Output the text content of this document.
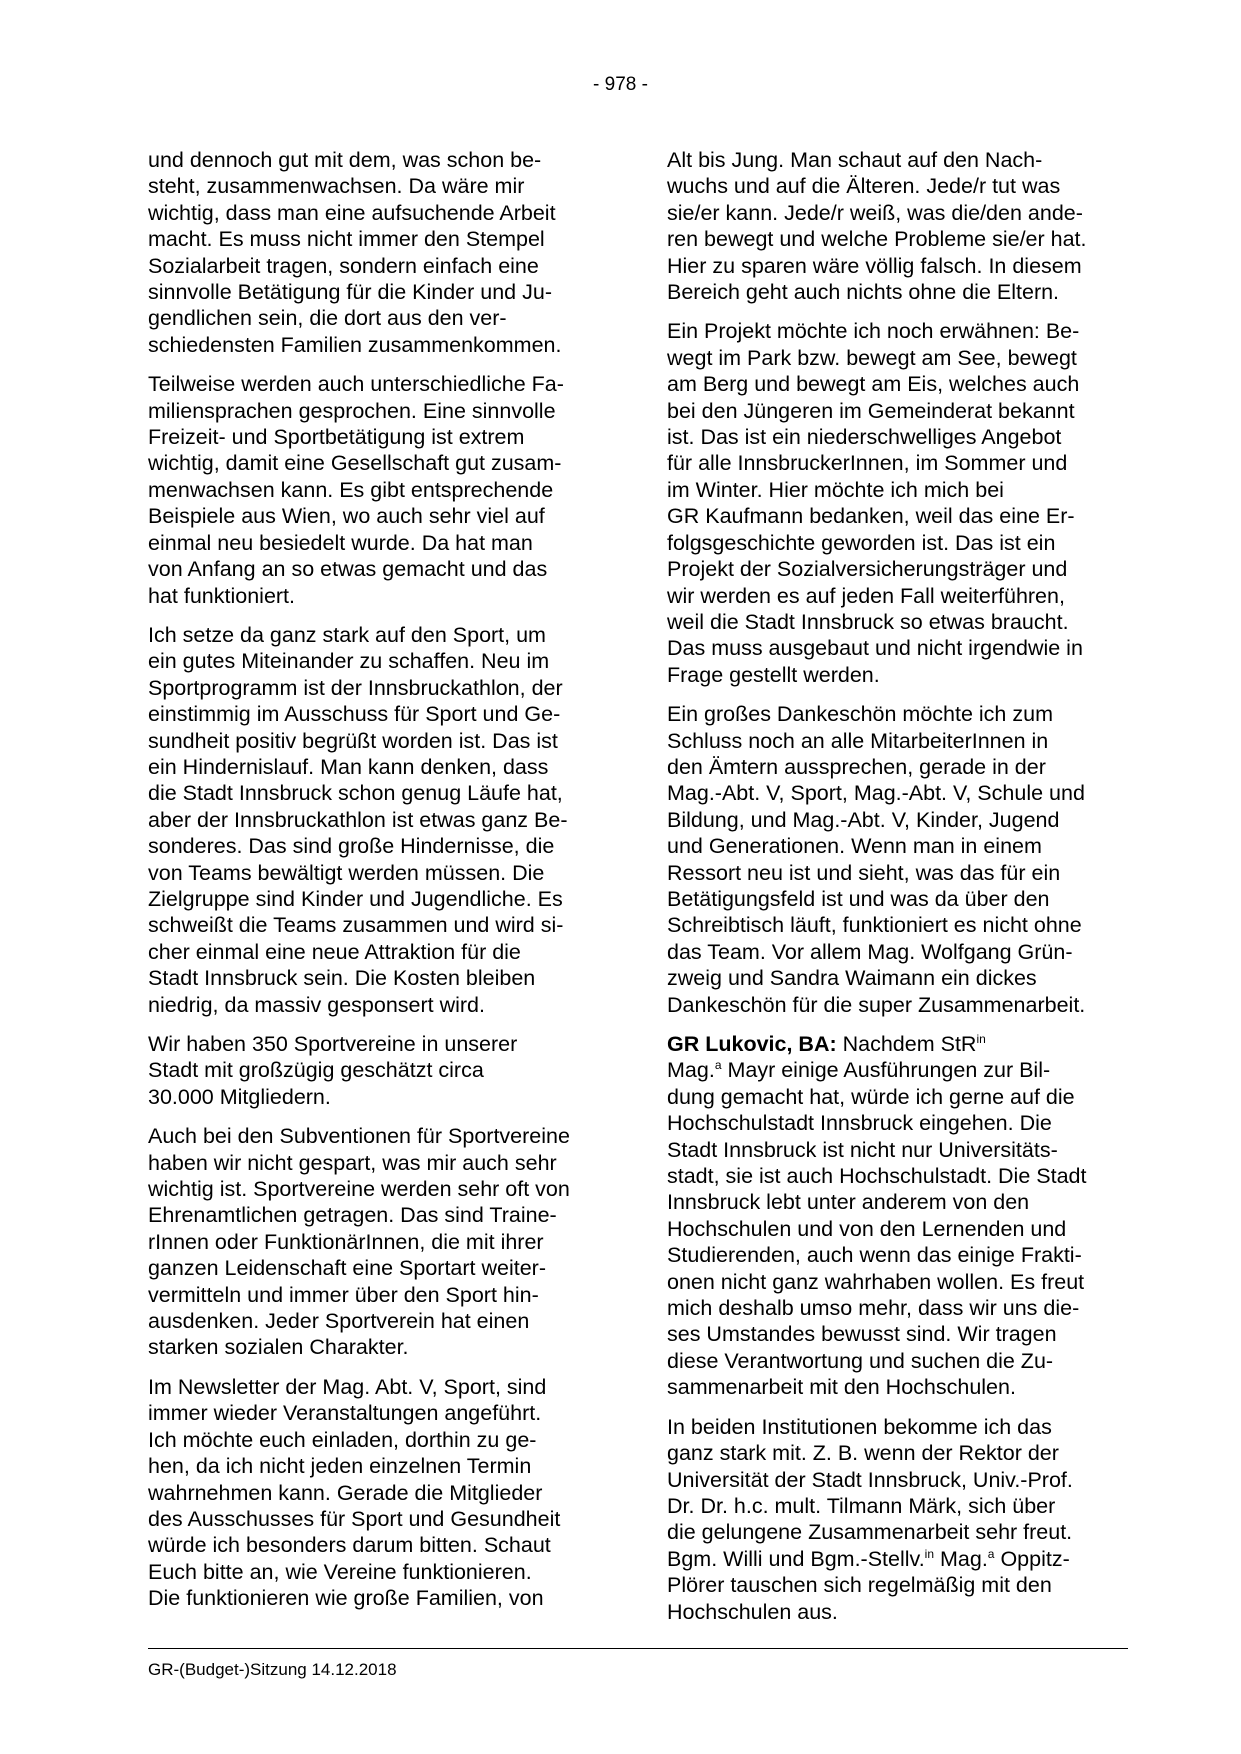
- 978 -
und dennoch gut mit dem, was schon be-
steht, zusammenwachsen. Da wäre mir
wichtig, dass man eine aufsuchende Arbeit
macht. Es muss nicht immer den Stempel
Sozialarbeit tragen, sondern einfach eine
sinnvolle Betätigung für die Kinder und Ju-
gendlichen sein, die dort aus den ver-
schiedensten Familien zusammenkommen.
Teilweise werden auch unterschiedliche Fa-
miliensprachen gesprochen. Eine sinnvolle
Freizeit- und Sportbetätigung ist extrem
wichtig, damit eine Gesellschaft gut zusam-
menwachsen kann. Es gibt entsprechende
Beispiele aus Wien, wo auch sehr viel auf
einmal neu besiedelt wurde. Da hat man
von Anfang an so etwas gemacht und das
hat funktioniert.
Ich setze da ganz stark auf den Sport, um
ein gutes Miteinander zu schaffen. Neu im
Sportprogramm ist der Innsbruckathlon, der
einstimmig im Ausschuss für Sport und Ge-
sundheit positiv begrüßt worden ist. Das ist
ein Hindernislauf. Man kann denken, dass
die Stadt Innsbruck schon genug Läufe hat,
aber der Innsbruckathlon ist etwas ganz Be-
sonderes. Das sind große Hindernisse, die
von Teams bewältigt werden müssen. Die
Zielgruppe sind Kinder und Jugendliche. Es
schweißt die Teams zusammen und wird si-
cher einmal eine neue Attraktion für die
Stadt Innsbruck sein. Die Kosten bleiben
niedrig, da massiv gesponsert wird.
Wir haben 350 Sportvereine in unserer
Stadt mit großzügig geschätzt circa
30.000 Mitgliedern.
Auch bei den Subventionen für Sportvereine
haben wir nicht gespart, was mir auch sehr
wichtig ist. Sportvereine werden sehr oft von
Ehrenamtlichen getragen. Das sind Traine-
rInnen oder FunktionärInnen, die mit ihrer
ganzen Leidenschaft eine Sportart weiter-
vermitteln und immer über den Sport hin-
ausdenken. Jeder Sportverein hat einen
starken sozialen Charakter.
Im Newsletter der Mag. Abt. V, Sport, sind
immer wieder Veranstaltungen angeführt.
Ich möchte euch einladen, dorthin zu ge-
hen, da ich nicht jeden einzelnen Termin
wahrnehmen kann. Gerade die Mitglieder
des Ausschusses für Sport und Gesundheit
würde ich besonders darum bitten. Schaut
Euch bitte an, wie Vereine funktionieren.
Die funktionieren wie große Familien, von
Alt bis Jung. Man schaut auf den Nach-
wuchs und auf die Älteren. Jede/r tut was
sie/er kann. Jede/r weiß, was die/den ande-
ren bewegt und welche Probleme sie/er hat.
Hier zu sparen wäre völlig falsch. In diesem
Bereich geht auch nichts ohne die Eltern.
Ein Projekt möchte ich noch erwähnen: Be-
wegt im Park bzw. bewegt am See, bewegt
am Berg und bewegt am Eis, welches auch
bei den Jüngeren im Gemeinderat bekannt
ist. Das ist ein niederschwelliges Angebot
für alle InnsbruckerInnen, im Sommer und
im Winter. Hier möchte ich mich bei
GR Kaufmann bedanken, weil das eine Er-
folgsgeschichte geworden ist. Das ist ein
Projekt der Sozialversicherungsträger und
wir werden es auf jeden Fall weiterführen,
weil die Stadt Innsbruck so etwas braucht.
Das muss ausgebaut und nicht irgendwie in
Frage gestellt werden.
Ein großes Dankeschön möchte ich zum
Schluss noch an alle MitarbeiterInnen in
den Ämtern aussprechen, gerade in der
Mag.-Abt. V, Sport, Mag.-Abt. V, Schule und
Bildung, und Mag.-Abt. V, Kinder, Jugend
und Generationen. Wenn man in einem
Ressort neu ist und sieht, was das für ein
Betätigungsfeld ist und was da über den
Schreibtisch läuft, funktioniert es nicht ohne
das Team. Vor allem Mag. Wolfgang Grün-
zweig und Sandra Waimann ein dickes
Dankeschön für die super Zusammenarbeit.
GR Lukovic, BA: Nachdem StR$^{in}$
Mag.$^a$ Mayr einige Ausführungen zur Bil-
dung gemacht hat, würde ich gerne auf die
Hochschulstadt Innsbruck eingehen. Die
Stadt Innsbruck ist nicht nur Universitäts-
stadt, sie ist auch Hochschulstadt. Die Stadt
Innsbruck lebt unter anderem von den
Hochschulen und von den Lernenden und
Studierenden, auch wenn das einige Frakti-
onen nicht ganz wahrhaben wollen. Es freut
mich deshalb umso mehr, dass wir uns die-
ses Umstandes bewusst sind. Wir tragen
diese Verantwortung und suchen die Zu-
sammenarbeit mit den Hochschulen.
In beiden Institutionen bekomme ich das
ganz stark mit. Z. B. wenn der Rektor der
Universität der Stadt Innsbruck, Univ.-Prof.
Dr. Dr. h.c. mult. Tilmann Märk, sich über
die gelungene Zusammenarbeit sehr freut.
Bgm. Willi und Bgm.-Stellv.$^{in}$ Mag.$^a$ Oppitz-
Plörer tauschen sich regelmäßig mit den
Hochschulen aus.
GR-(Budget-)Sitzung 14.12.2018
